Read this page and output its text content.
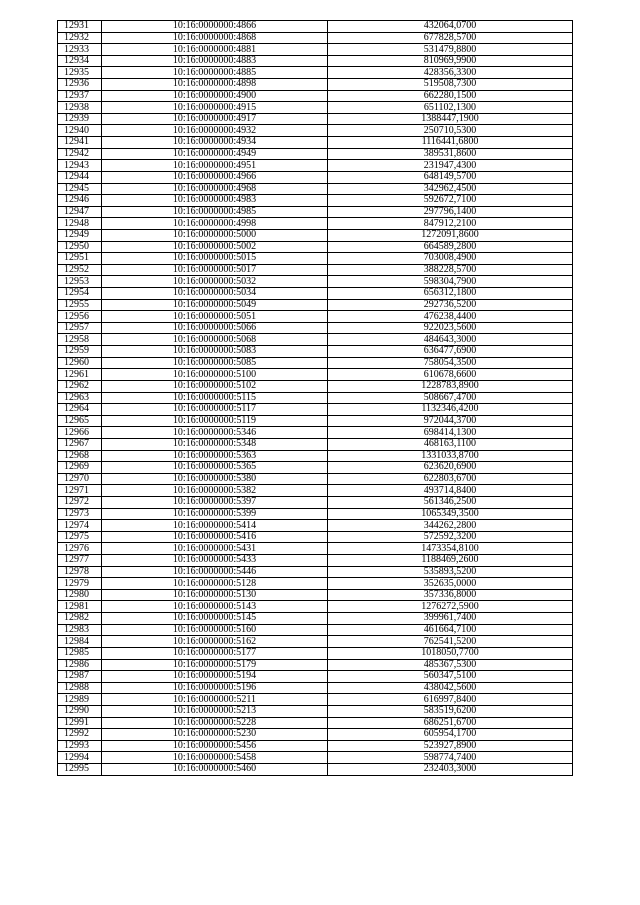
12931	10:16:0000000:4866	432064,0700
12932	10:16:0000000:4868	677828,5700
12933	10:16:0000000:4881	531479,8800
12934	10:16:0000000:4883	810969,9900
12935	10:16:0000000:4885	428356,3300
12936	10:16:0000000:4898	519508,7300
12937	10:16:0000000:4900	662280,1500
12938	10:16:0000000:4915	651102,1300
12939	10:16:0000000:4917	1388447,1900
12940	10:16:0000000:4932	250710,5300
12941	10:16:0000000:4934	1116441,6800
12942	10:16:0000000:4949	389531,8600
12943	10:16:0000000:4951	231947,4300
12944	10:16:0000000:4966	648149,5700
12945	10:16:0000000:4968	342962,4500
12946	10:16:0000000:4983	592672,7100
12947	10:16:0000000:4985	297796,1400
12948	10:16:0000000:4998	847912,2100
12949	10:16:0000000:5000	1272091,8600
12950	10:16:0000000:5002	664589,2800
12951	10:16:0000000:5015	703008,4900
12952	10:16:0000000:5017	388228,5700
12953	10:16:0000000:5032	598304,7900
12954	10:16:0000000:5034	656312,1800
12955	10:16:0000000:5049	292736,5200
12956	10:16:0000000:5051	476238,4400
12957	10:16:0000000:5066	922023,5600
12958	10:16:0000000:5068	484643,3000
12959	10:16:0000000:5083	636477,6900
12960	10:16:0000000:5085	758054,3500
12961	10:16:0000000:5100	610678,6600
12962	10:16:0000000:5102	1228783,8900
12963	10:16:0000000:5115	508667,4700
12964	10:16:0000000:5117	1132346,4200
12965	10:16:0000000:5119	972044,3700
12966	10:16:0000000:5346	698414,1300
12967	10:16:0000000:5348	468163,1100
12968	10:16:0000000:5363	1331033,8700
12969	10:16:0000000:5365	623620,6900
12970	10:16:0000000:5380	622803,6700
12971	10:16:0000000:5382	493714,8400
12972	10:16:0000000:5397	561346,2500
12973	10:16:0000000:5399	1065349,3500
12974	10:16:0000000:5414	344262,2800
12975	10:16:0000000:5416	572592,3200
12976	10:16:0000000:5431	1473354,8100
12977	10:16:0000000:5433	1188469,2600
12978	10:16:0000000:5446	535893,5200
12979	10:16:0000000:5128	352635,0000
12980	10:16:0000000:5130	357336,8000
12981	10:16:0000000:5143	1276272,5900
12982	10:16:0000000:5145	399961,7400
12983	10:16:0000000:5160	461664,7100
12984	10:16:0000000:5162	762541,5200
12985	10:16:0000000:5177	1018050,7700
12986	10:16:0000000:5179	485367,5300
12987	10:16:0000000:5194	560347,5100
12988	10:16:0000000:5196	438042,5600
12989	10:16:0000000:5211	616997,8400
12990	10:16:0000000:5213	583519,6200
12991	10:16:0000000:5228	686251,6700
12992	10:16:0000000:5230	605954,1700
12993	10:16:0000000:5456	523927,8900
12994	10:16:0000000:5458	598774,7400
12995	10:16:0000000:5460	232403,3000
